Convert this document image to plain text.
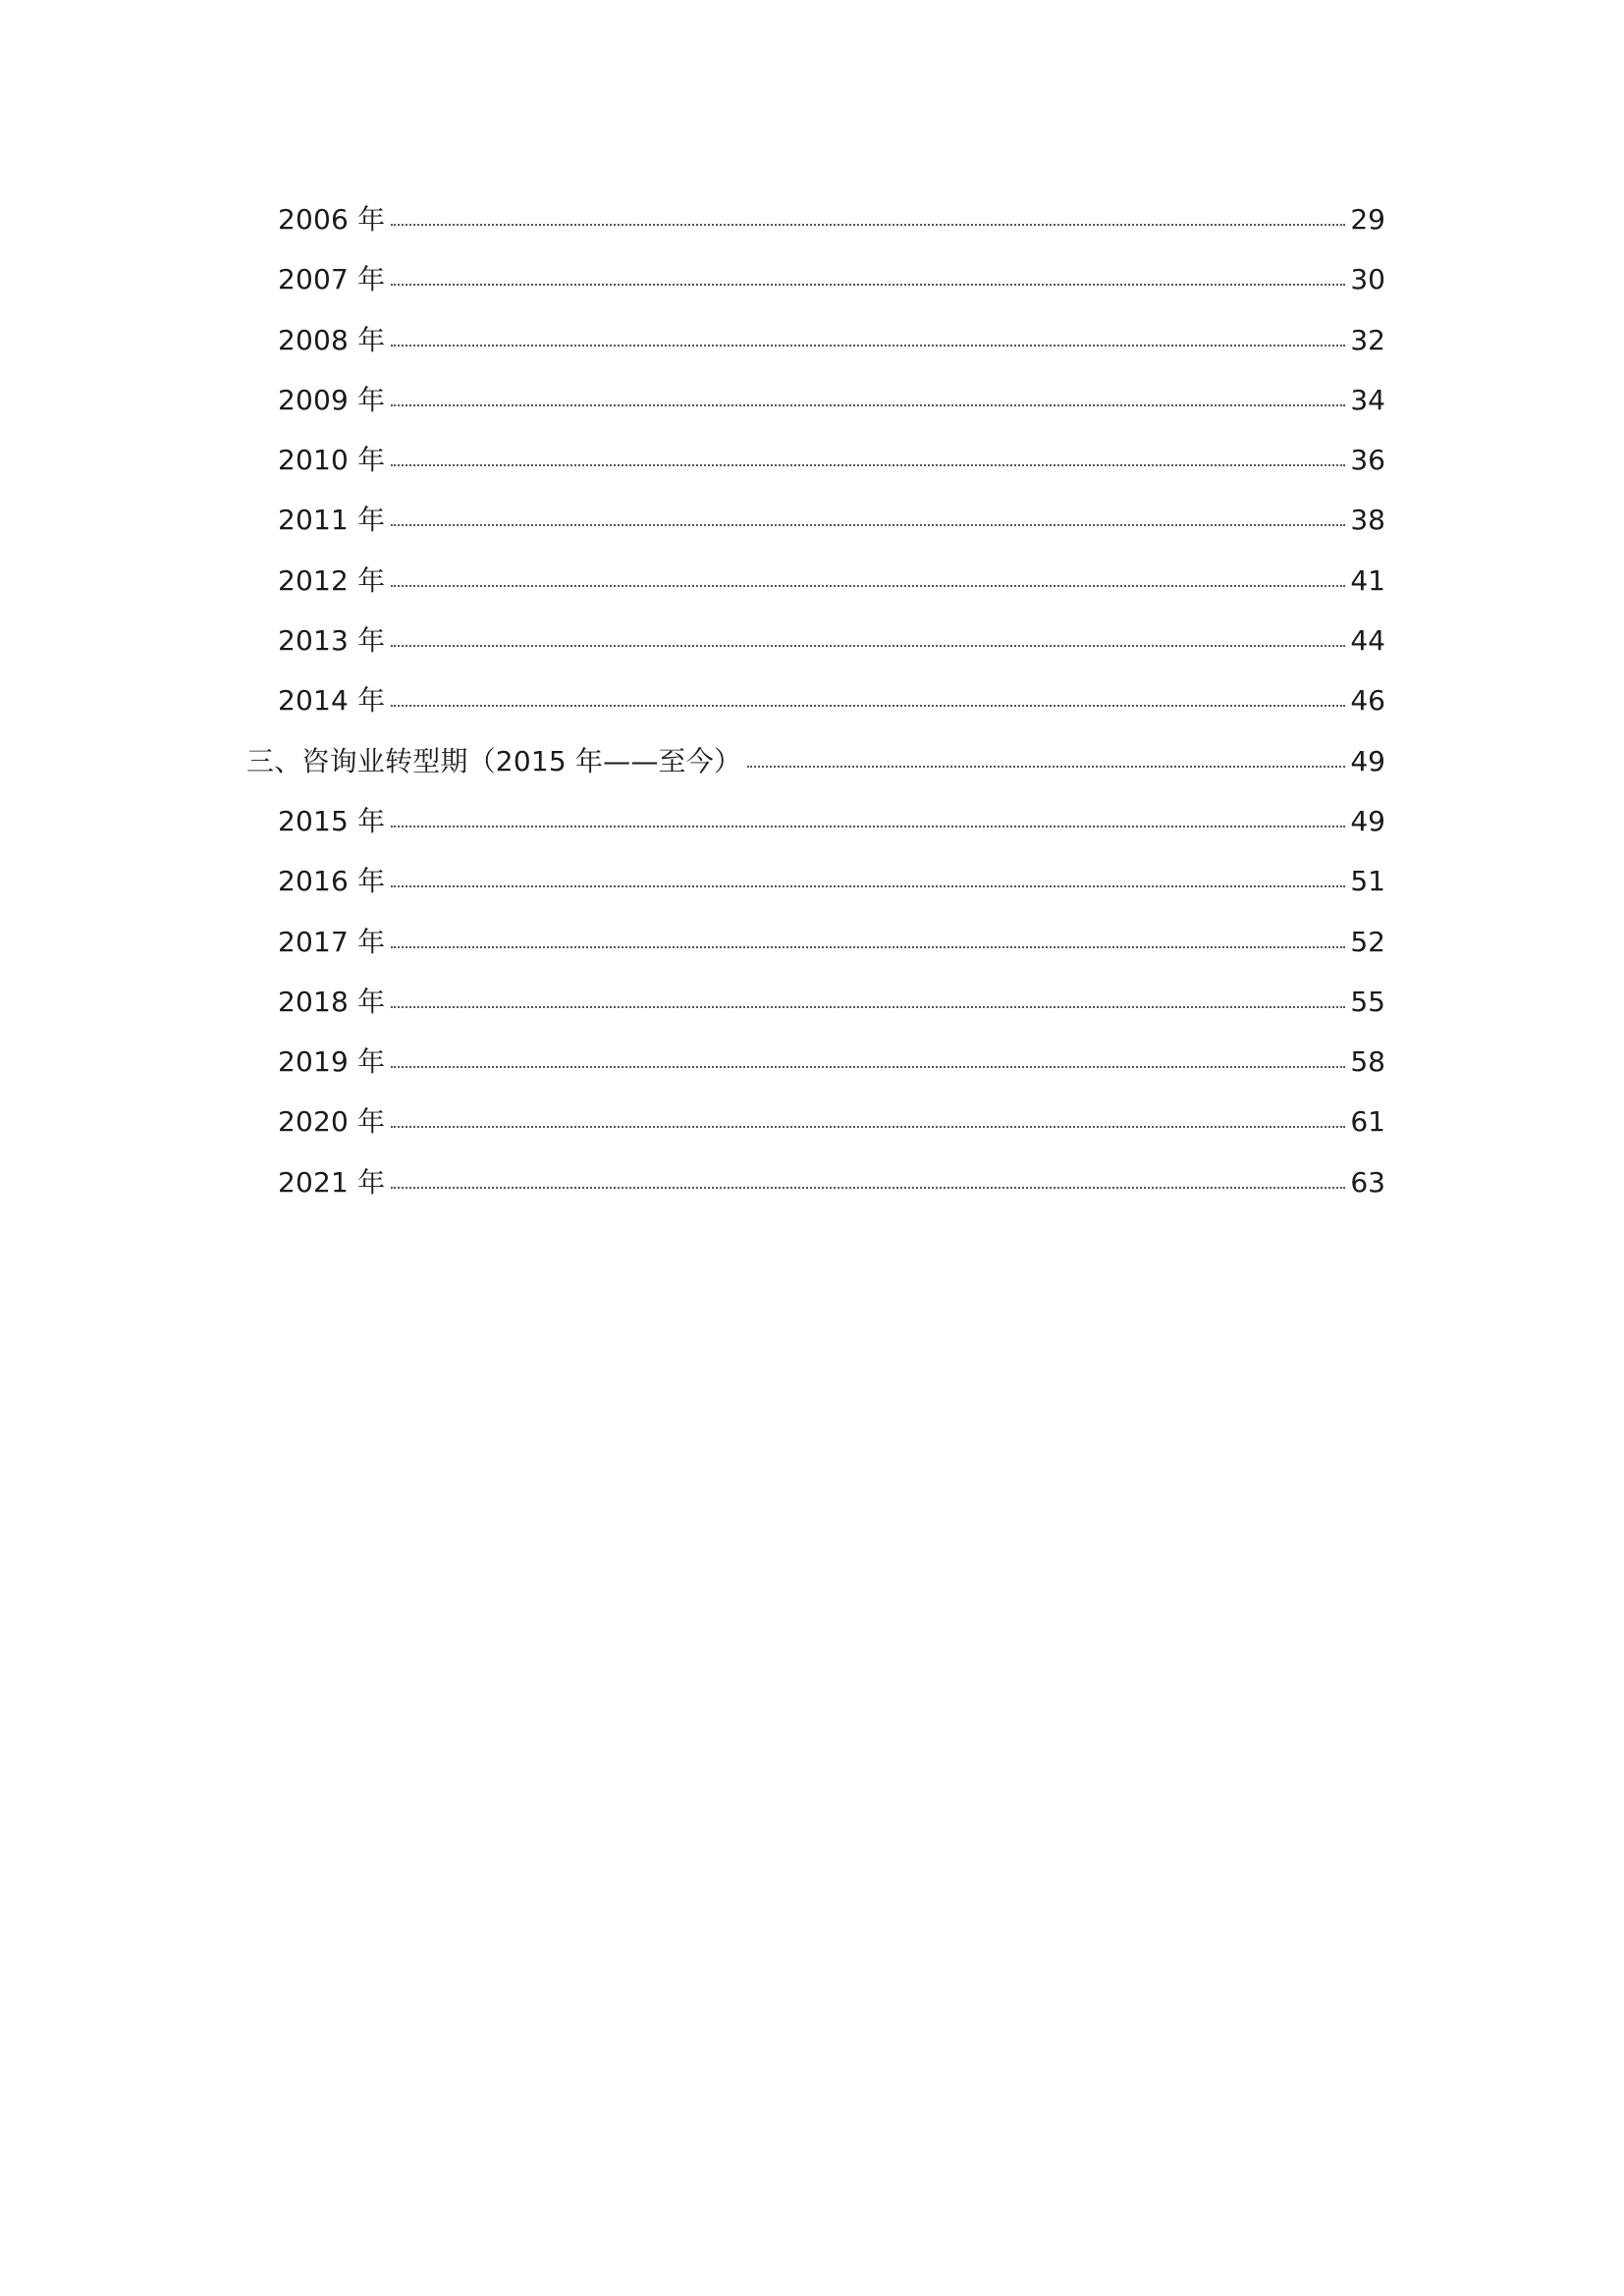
2006 年	29
2007 年	30
2008 年	32
2009 年	34
2010 年	36
2011 年	38
2012 年	41
2013 年	44
2014 年	46
三、咨询业转型期（2015 年——至今）	49
2015 年	49
2016 年	51
2017 年	52
2018 年	55
2019 年	58
2020 年	61
2021 年	63
